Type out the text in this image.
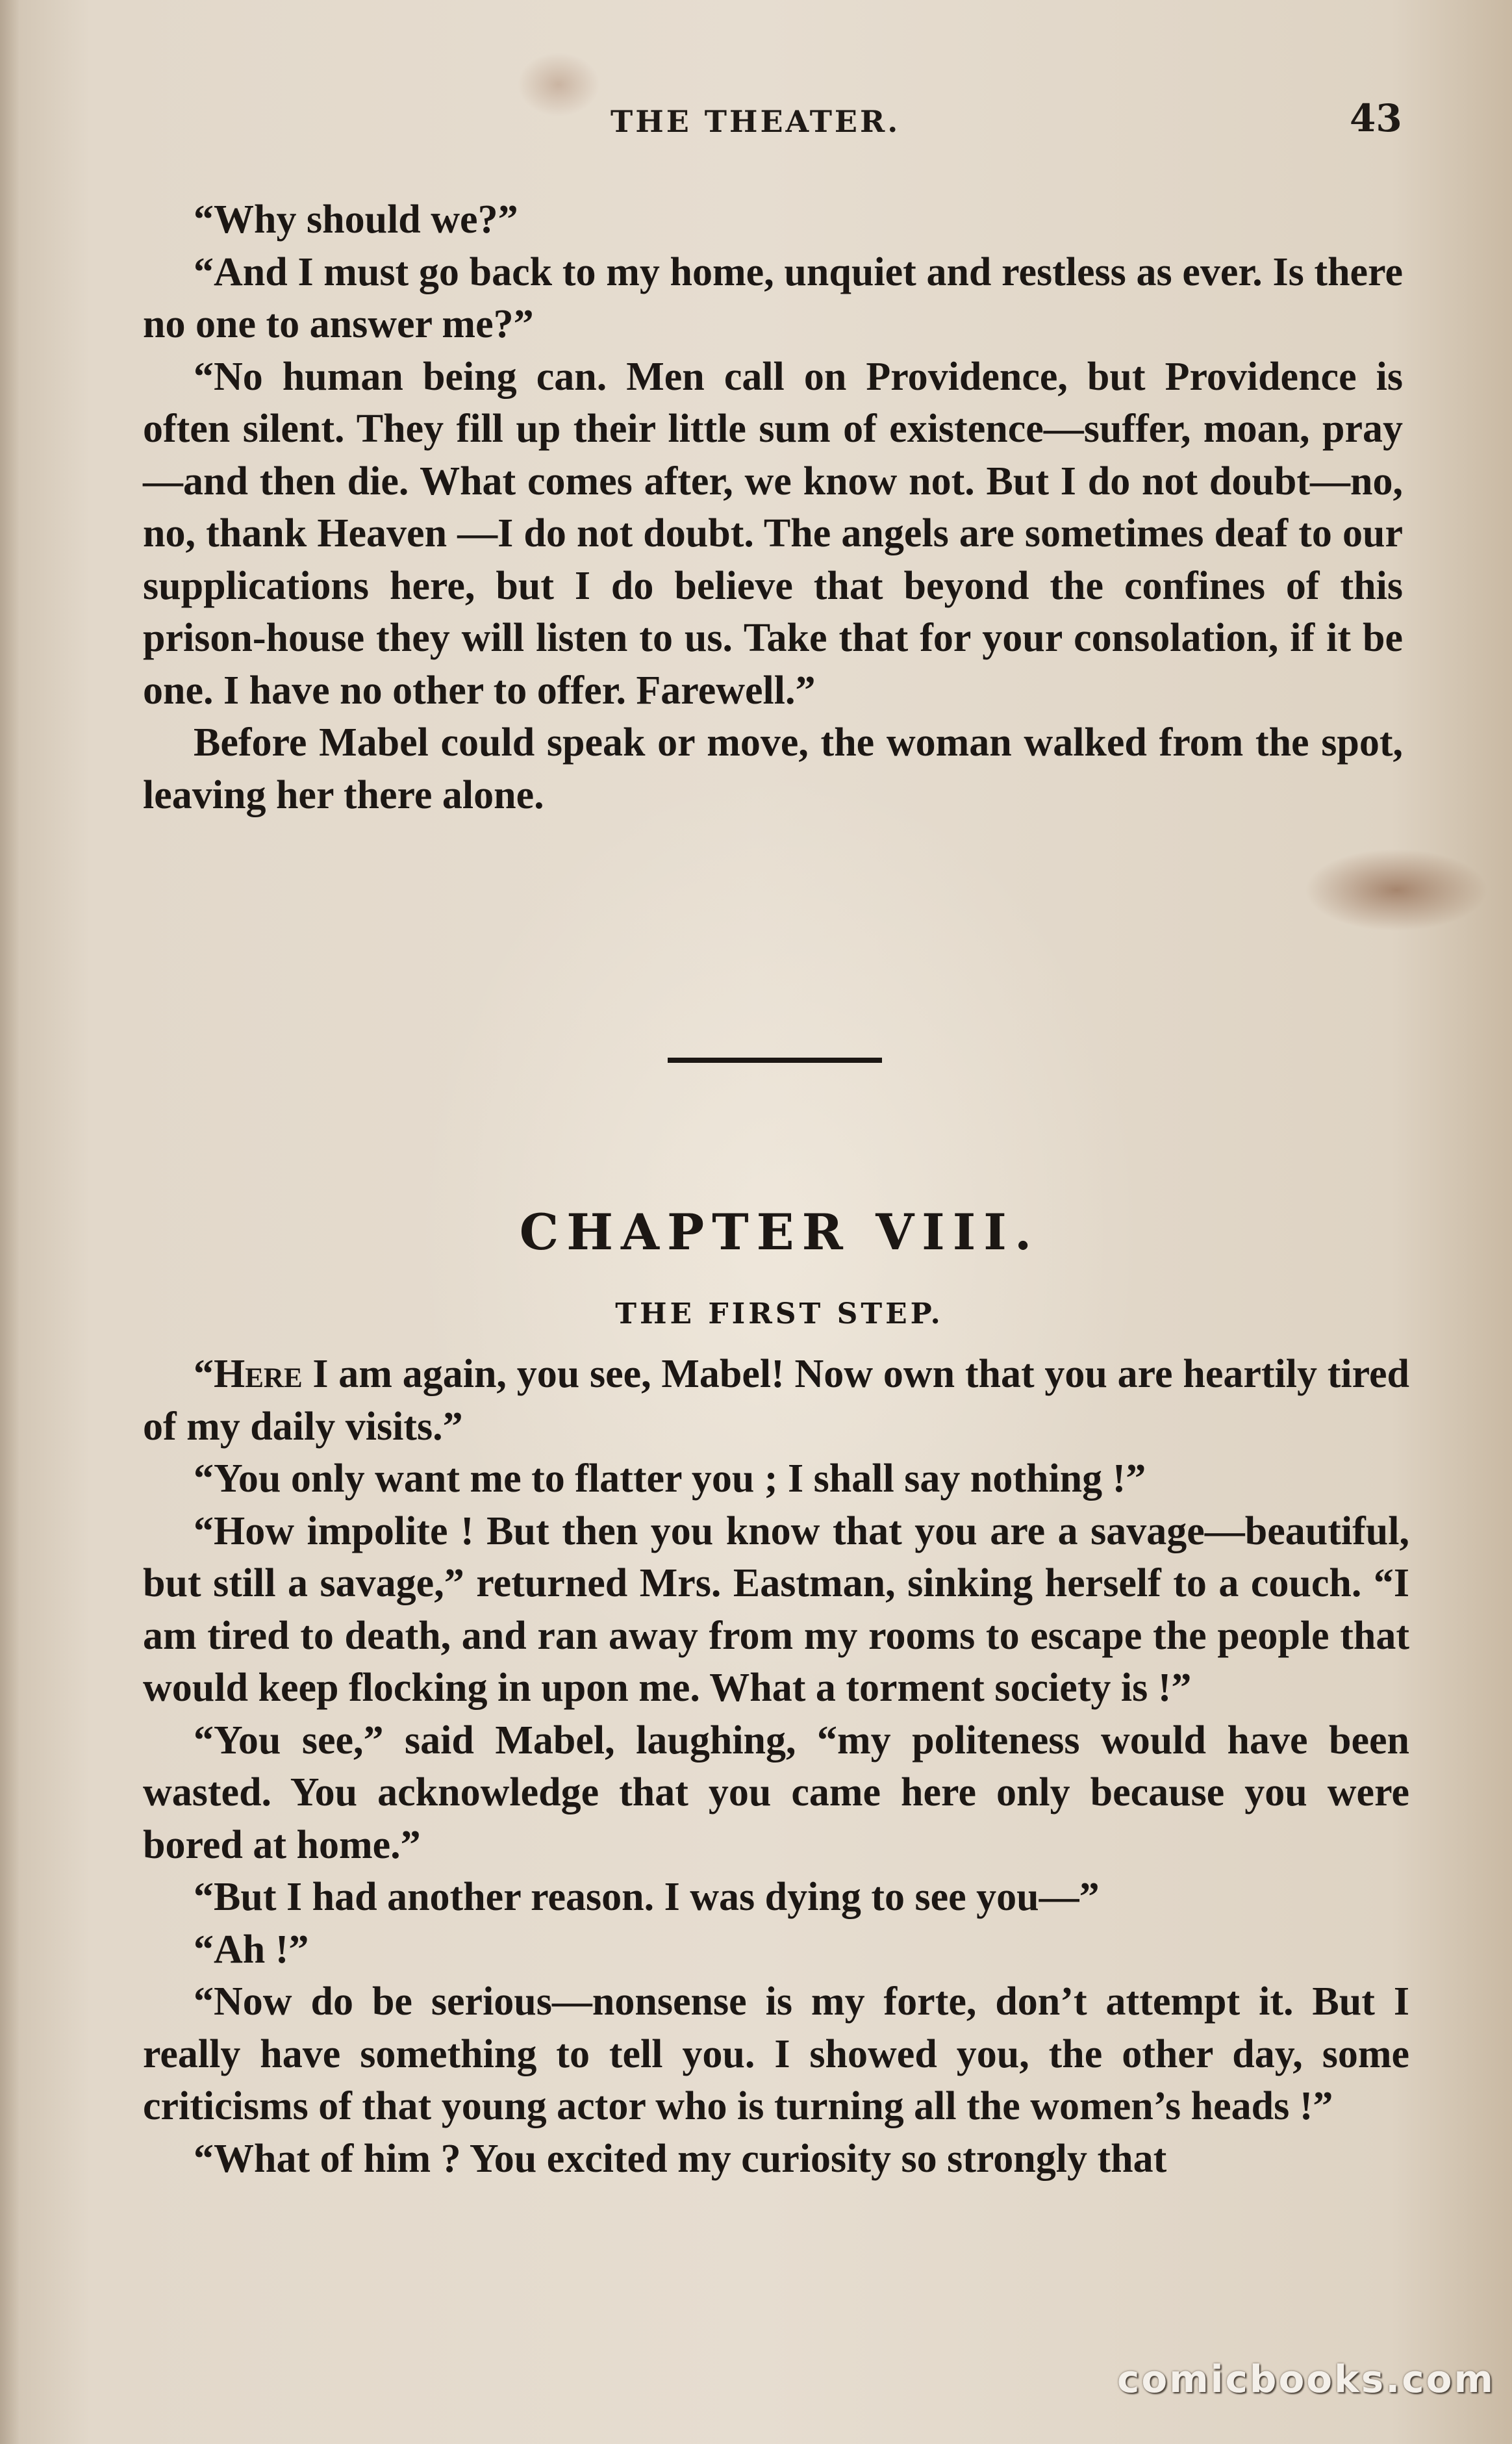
THE THEATER.	43

“Why should we?”

“And I must go back to my home, unquiet and restless as ever. Is there no one to answer me?”

“No human being can. Men call on Providence, but Providence is often silent. They fill up their little sum of existence—suffer, moan, pray—and then die. What comes after, we know not. But I do not doubt—no, no, thank Heaven —I do not doubt. The angels are sometimes deaf to our supplications here, but I do believe that beyond the confines of this prison-house they will listen to us. Take that for your consolation, if it be one. I have no other to offer. Farewell.”

Before Mabel could speak or move, the woman walked from the spot, leaving her there alone.

CHAPTER VIII.
THE FIRST STEP.

“Here I am again, you see, Mabel! Now own that you are heartily tired of my daily visits.”

“You only want me to flatter you ; I shall say nothing !”

“How impolite ! But then you know that you are a savage—beautiful, but still a savage,” returned Mrs. Eastman, sinking herself to a couch. “I am tired to death, and ran away from my rooms to escape the people that would keep flocking in upon me. What a torment society is !”

“You see,” said Mabel, laughing, “my politeness would have been wasted. You acknowledge that you came here only because you were bored at home.”

“But I had another reason. I was dying to see you—”

“Ah !”

“Now do be serious—nonsense is my forte, don’t attempt it. But I really have something to tell you. I showed you, the other day, some criticisms of that young actor who is turning all the women’s heads !”

“What of him ? You excited my curiosity so strongly that

comicbooks.com
